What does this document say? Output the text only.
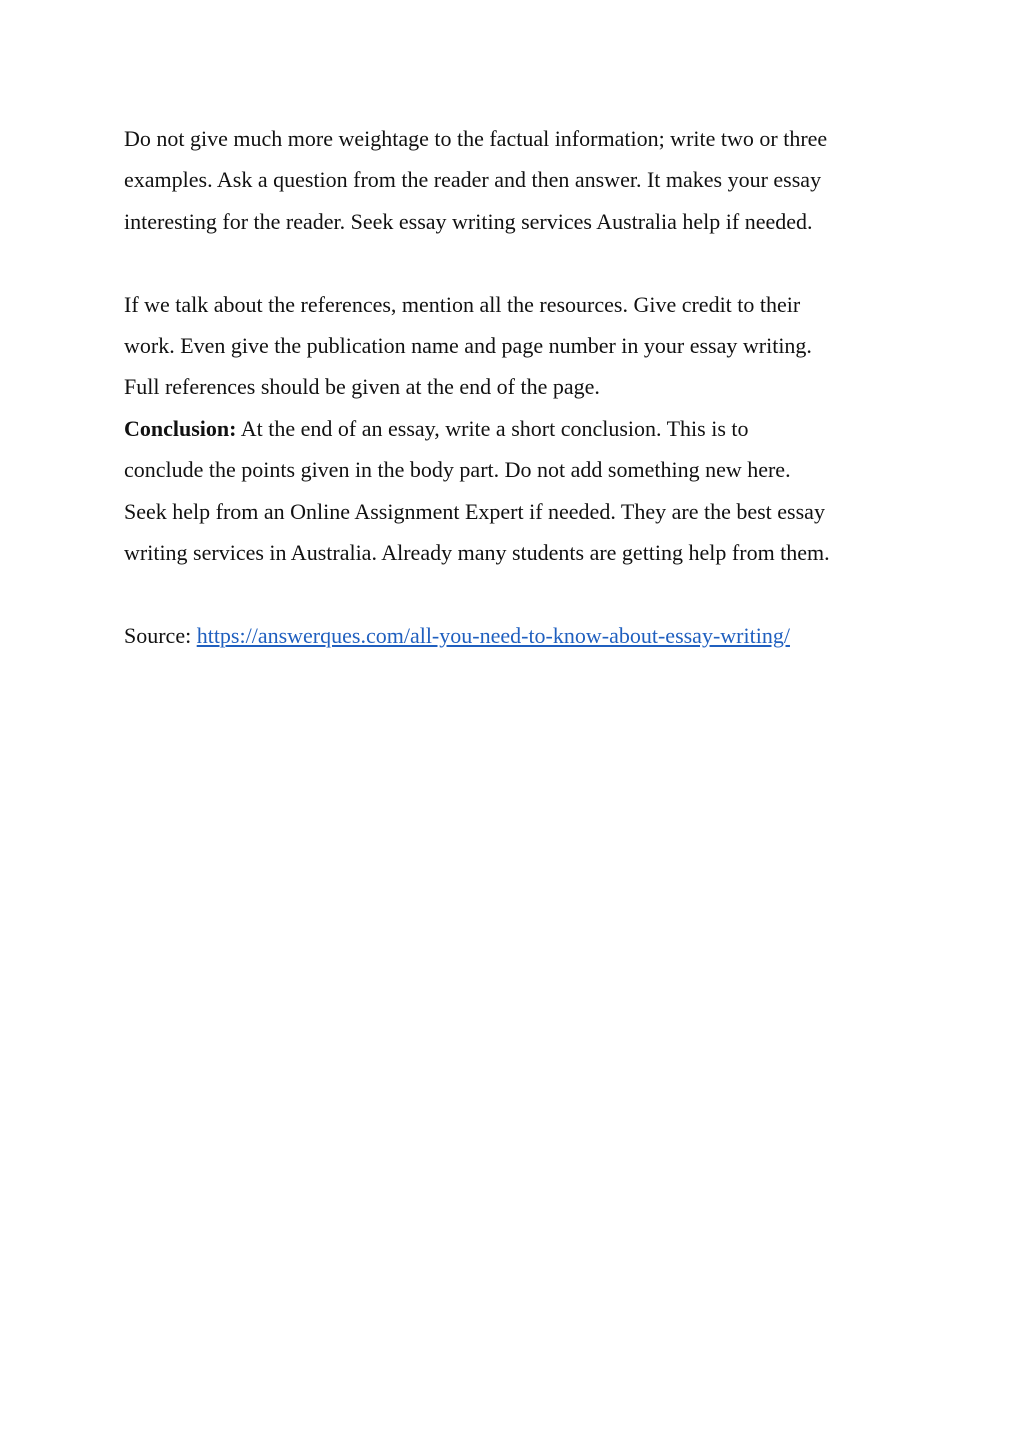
Do not give much more weightage to the factual information; write two or three
examples. Ask a question from the reader and then answer. It makes your essay
interesting for the reader. Seek essay writing services Australia help if needed.
If we talk about the references, mention all the resources. Give credit to their
work. Even give the publication name and page number in your essay writing.
Full references should be given at the end of the page.
Conclusion: At the end of an essay, write a short conclusion. This is to
conclude the points given in the body part. Do not add something new here.
Seek help from an Online Assignment Expert if needed. They are the best essay
writing services in Australia. Already many students are getting help from them.
Source: https://answerques.com/all-you-need-to-know-about-essay-writing/
